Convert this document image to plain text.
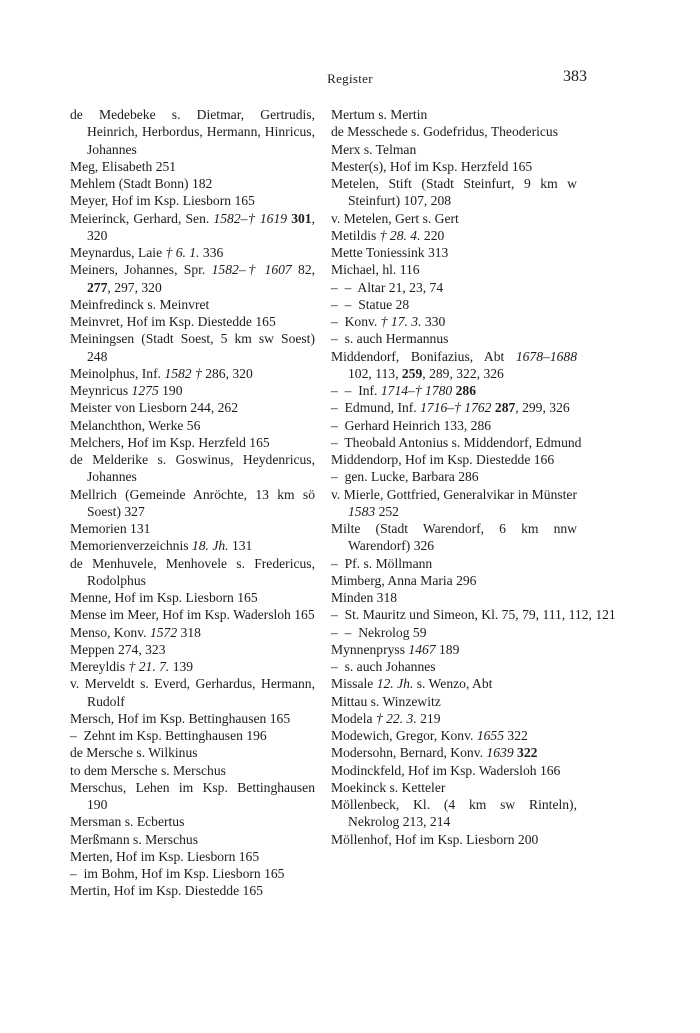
Register	383
de Medebeke s. Dietmar, Gertrudis, Heinrich, Herbordus, Hermann, Hinricus, Johannes
Meg, Elisabeth 251
Mehlem (Stadt Bonn) 182
Meyer, Hof im Ksp. Liesborn 165
Meierinck, Gerhard, Sen. 1582–† 1619 301, 320
Meynardus, Laie † 6. 1. 336
Meiners, Johannes, Spr. 1582–† 1607 82, 277, 297, 320
Meinfredinck s. Meinvret
Meinvret, Hof im Ksp. Diestedde 165
Meiningsen (Stadt Soest, 5 km sw Soest) 248
Meinolphus, Inf. 1582 † 286, 320
Meynricus 1275 190
Meister von Liesborn 244, 262
Melanchthon, Werke 56
Melchers, Hof im Ksp. Herzfeld 165
de Melderike s. Goswinus, Heydenricus, Johannes
Mellrich (Gemeinde Anröchte, 13 km sö Soest) 327
Memorien 131
Memorienverzeichnis 18. Jh. 131
de Menhuvele, Menhovele s. Fredericus, Rodolphus
Menne, Hof im Ksp. Liesborn 165
Mense im Meer, Hof im Ksp. Wadersloh 165
Menso, Konv. 1572 318
Meppen 274, 323
Mereyldis † 21. 7. 139
v. Merveldt s. Everd, Gerhardus, Hermann, Rudolf
Mersch, Hof im Ksp. Bettinghausen 165
–  Zehnt im Ksp. Bettinghausen 196
de Mersche s. Wilkinus
to dem Mersche s. Merschus
Merschus, Lehen im Ksp. Bettinghausen 190
Mersman s. Ecbertus
Merßmann s. Merschus
Merten, Hof im Ksp. Liesborn 165
–  im Bohm, Hof im Ksp. Liesborn 165
Mertin, Hof im Ksp. Diestedde 165
Mertum s. Mertin
de Messchede s. Godefridus, Theodericus
Merx s. Telman
Mester(s), Hof im Ksp. Herzfeld 165
Metelen, Stift (Stadt Steinfurt, 9 km w Steinfurt) 107, 208
v. Metelen, Gert s. Gert
Metildis † 28. 4. 220
Mette Toniessink 313
Michael, hl. 116
–  –  Altar 21, 23, 74
–  –  Statue 28
–  Konv. † 17. 3. 330
–  s. auch Hermannus
Middendorf, Bonifazius, Abt 1678–1688 102, 113, 259, 289, 322, 326
–  –  Inf. 1714–† 1780 286
–  Edmund, Inf. 1716–† 1762 287, 299, 326
–  Gerhard Heinrich 133, 286
–  Theobald Antonius s. Middendorf, Edmund
Middendorp, Hof im Ksp. Diestedde 166
–  gen. Lucke, Barbara 286
v. Mierle, Gottfried, Generalvikar in Münster 1583 252
Milte (Stadt Warendorf, 6 km nnw Warendorf) 326
–  Pf. s. Möllmann
Mimberg, Anna Maria 296
Minden 318
–  St. Mauritz und Simeon, Kl. 75, 79, 111, 112, 121
–  –  Nekrolog 59
Mynnenpryss 1467 189
–  s. auch Johannes
Missale 12. Jh. s. Wenzo, Abt
Mittau s. Winzewitz
Modela † 22. 3. 219
Modewich, Gregor, Konv. 1655 322
Modersohn, Bernard, Konv. 1639 322
Modinckfeld, Hof im Ksp. Wadersloh 166
Moekinck s. Ketteler
Möllenbeck, Kl. (4 km sw Rinteln), Nekrolog 213, 214
Möllenhof, Hof im Ksp. Liesborn 200
